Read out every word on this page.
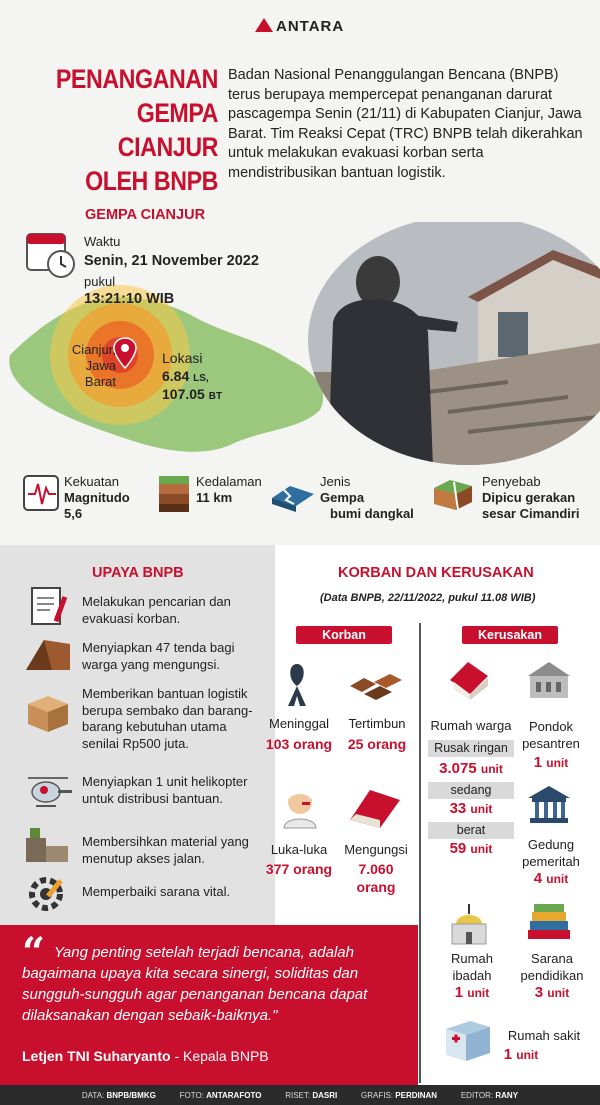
ANTARA
PENANGANAN
GEMPA CIANJUR
OLEH BNPB
Badan Nasional Penanggulangan Bencana (BNPB) terus berupaya mempercepat penanganan darurat pascagempa Senin (21/11) di Kabupaten Cianjur, Jawa Barat. Tim Reaksi Cepat (TRC) BNPB telah dikerahkan untuk melakukan evakuasi korban serta mendistribusikan bantuan logistik.
GEMPA CIANJUR
Waktu
Senin, 21 November 2022
pukul
13:21:10 WIB
Cianjur,
Jawa Barat
Lokasi
6.84 LS,
107.05 BT
Kekuatan
Magnitudo
5,6
Kedalaman
11 km
Jenis
Gempa
bumi dangkal
Penyebab
Dipicu gerakan
sesar Cimandiri
UPAYA BNPB
Melakukan pencarian dan evakuasi korban.
Menyiapkan 47 tenda bagi warga yang mengungsi.
Memberikan bantuan logistik berupa sembako dan barang-barang kebutuhan utama senilai Rp500 juta.
Menyiapkan 1 unit helikopter untuk distribusi bantuan.
Membersihkan material yang menutup akses jalan.
Memperbaiki sarana vital.
KORBAN DAN KERUSAKAN
(Data BNPB, 22/11/2022, pukul 11.08 WIB)
Korban	Kerusakan
Meninggal
103 orang
Tertimbun
25 orang
Luka-luka
377 orang
Mengungsi
7.060
orang
Rumah warga
Rusak ringan
3.075 unit
sedang
33 unit
berat
59 unit
Pondok
pesantren
1 unit
Gedung
pemeritah
4 unit
Rumah
ibadah
1 unit
Sarana
pendidikan
3 unit
Rumah sakit
1 unit
“ Yang penting setelah terjadi bencana, adalah bagaimana upaya kita secara sinergi, soliditas dan sungguh-sungguh agar penanganan bencana dapat dilaksanakan dengan sebaik-baiknya."
Letjen TNI Suharyanto - Kepala BNPB
DATA: BNPB/BMKG	FOTO: ANTARAFOTO	RISET: DASRI	GRAFIS: PERDINAN	EDITOR: RANY
